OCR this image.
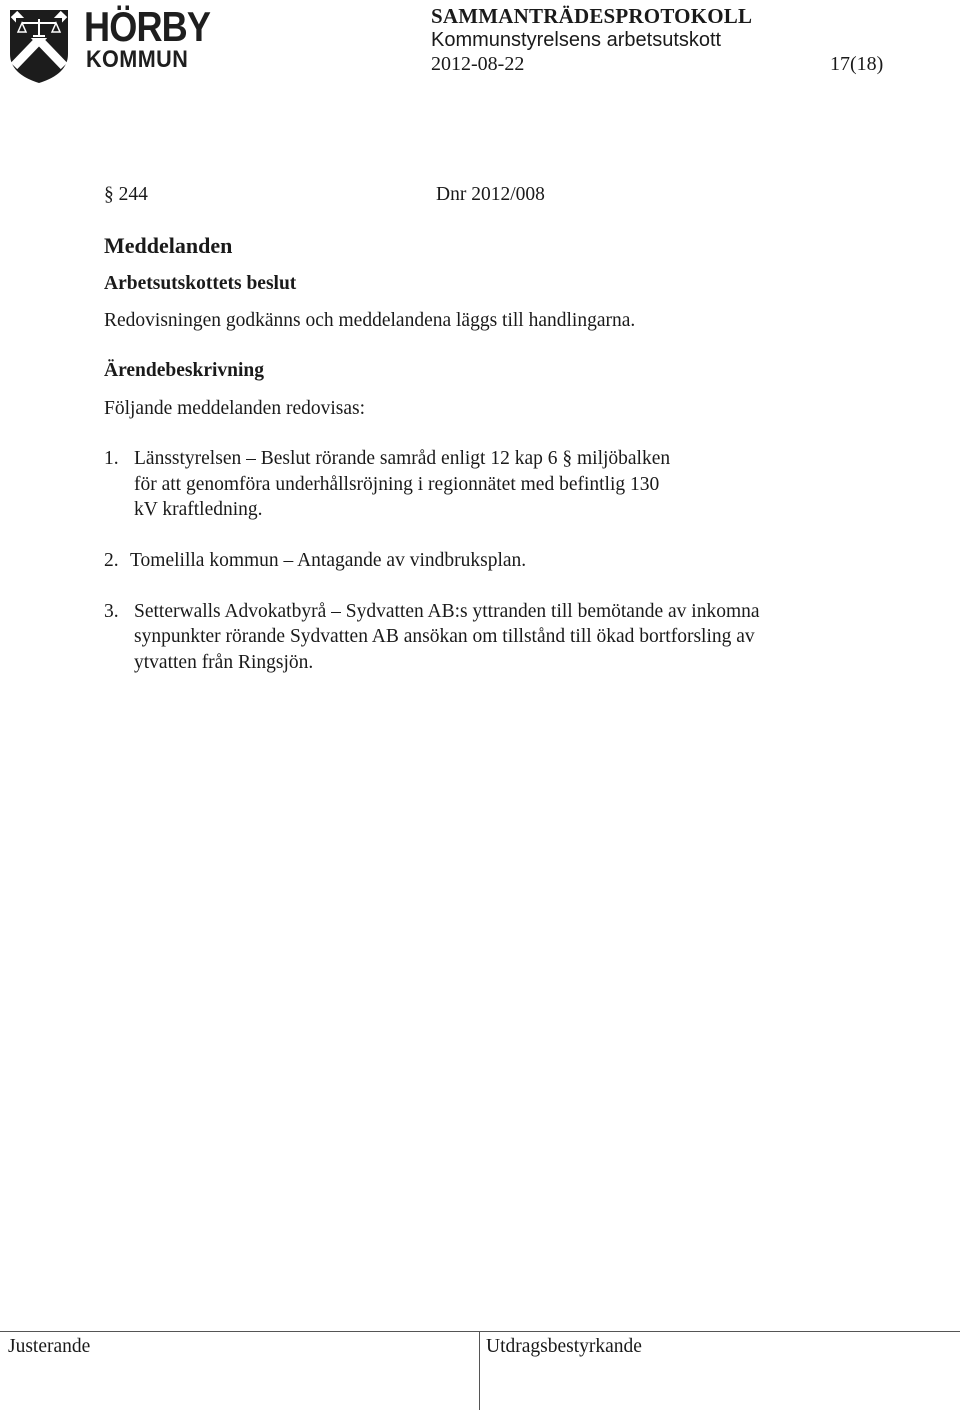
HÖRBY
KOMMUN
SAMMANTRÄDESPROTOKOLL
Kommunstyrelsens arbetsutskott
2012-08-22	17(18)
§ 244	Dnr 2012/008
Meddelanden
Arbetsutskottets beslut
Redovisningen godkänns och meddelandena läggs till handlingarna.
Ärendebeskrivning
Följande meddelanden redovisas:
1. Länsstyrelsen – Beslut rörande samråd enligt 12 kap 6 § miljöbalken
för att genomföra underhållsröjning i regionnätet med befintlig 130
kV kraftledning.
2. Tomelilla kommun – Antagande av vindbruksplan.
3. Setterwalls Advokatbyrå – Sydvatten AB:s yttranden till bemötande av inkomna
synpunkter rörande Sydvatten AB ansökan om tillstånd till ökad bortforsling av
ytvatten från Ringsjön.
Justerande	Utdragsbestyrkande
